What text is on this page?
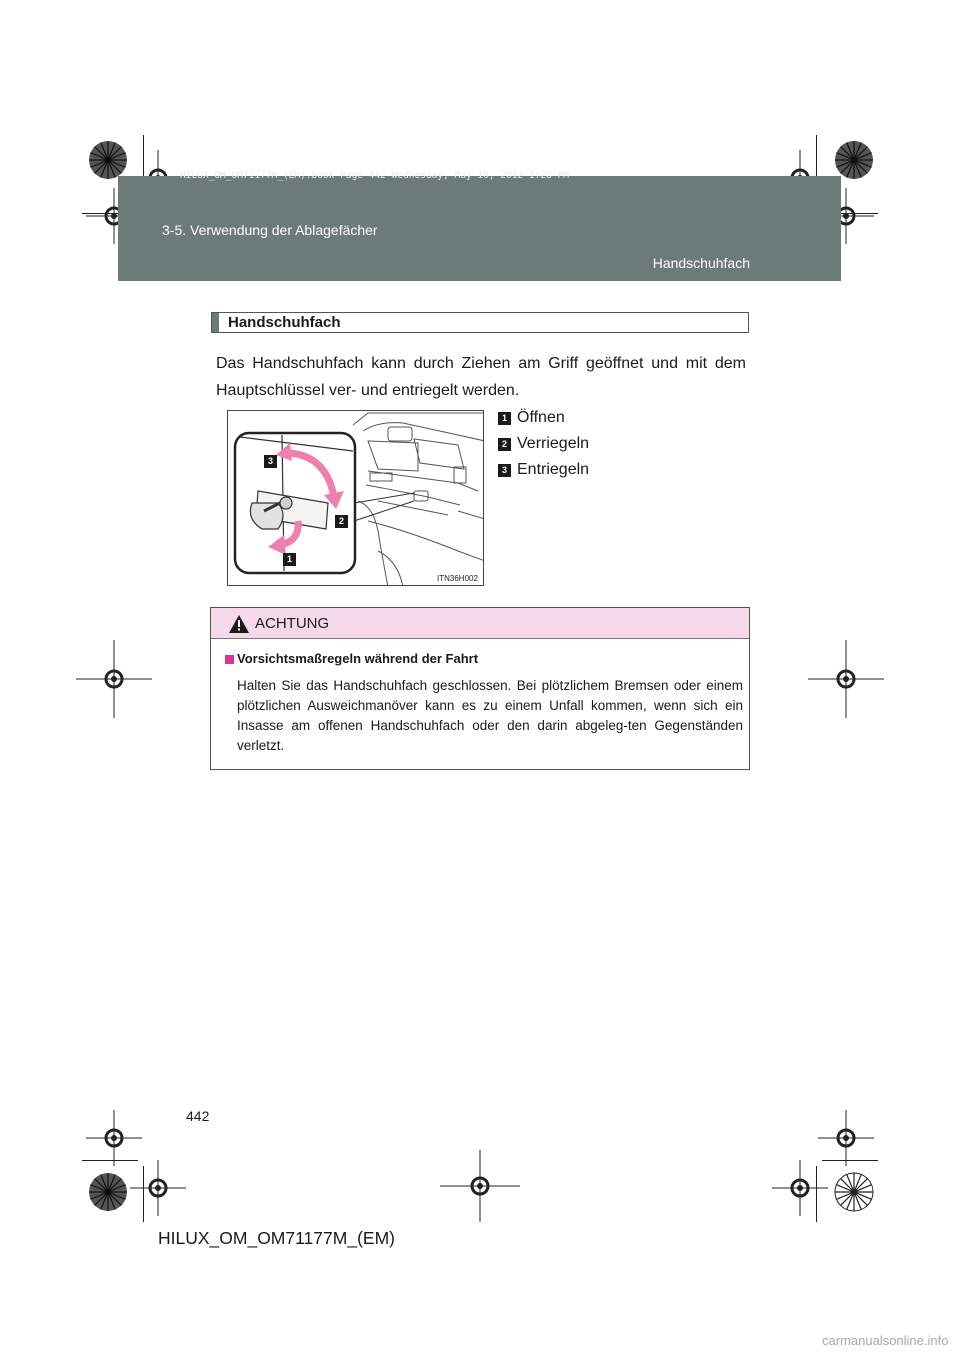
HILUX_OM_OM71177M_(EM).book Page 442 Wednesday, May 16, 2012 1:28 PM
3-5. Verwendung der Ablagefächer
Handschuhfach
Handschuhfach
Das Handschuhfach kann durch Ziehen am Griff geöffnet und mit dem Hauptschlüssel ver- und entriegelt werden.
3
2
1
ITN36H002
1 Öffnen
2 Verriegeln
3 Entriegeln
ACHTUNG
Vorsichtsmaßregeln während der Fahrt
Halten Sie das Handschuhfach geschlossen. Bei plötzlichem Bremsen oder einem plötzlichen Ausweichmanöver kann es zu einem Unfall kommen, wenn sich ein Insasse am offenen Handschuhfach oder den darin abgeleg-ten Gegenständen verletzt.
442
HILUX_OM_OM71177M_(EM)
carmanualsonline.info
